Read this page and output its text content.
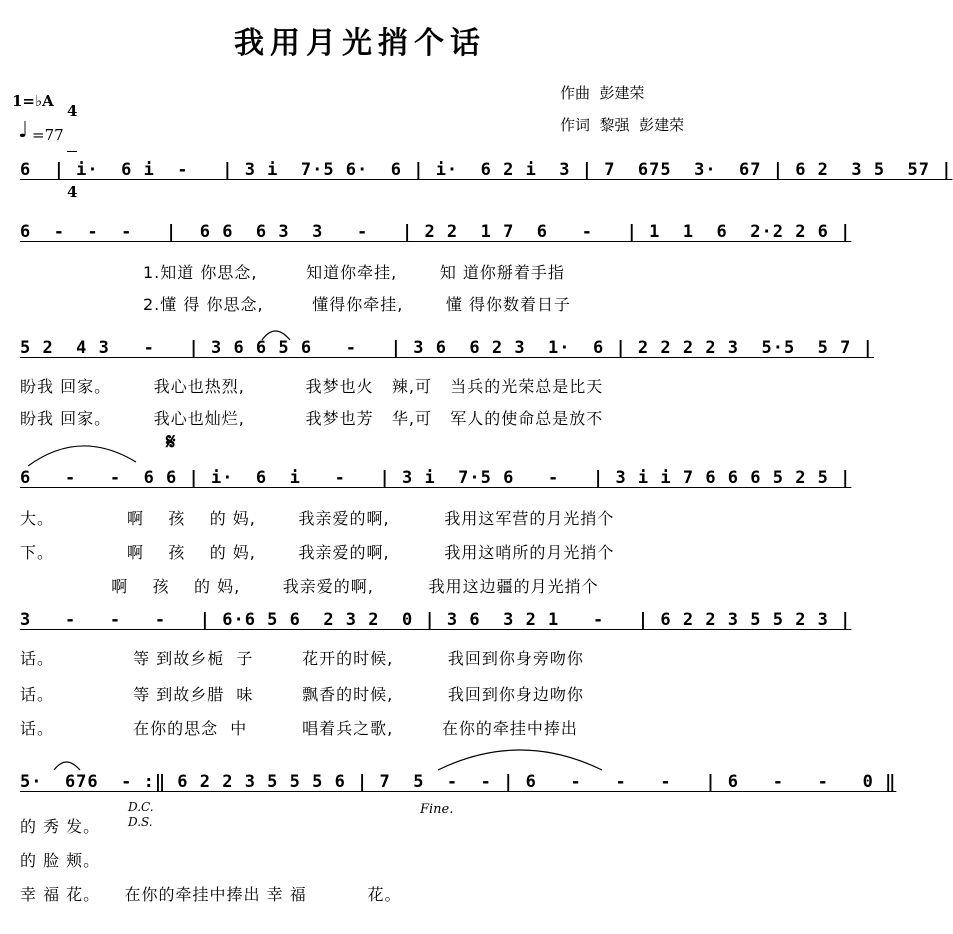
我用月光捎个话
1=♭A

4

4

♩ =77
作曲  彭建荣
作词  黎强  彭建荣
6  | i·  6 i  -   | 3 i  7·5 6·  6 | i·  6 2 i  3 | 7  675  3·  67 | 6 2  3 5  57 |
6  -  -  -   |  6 6  6 3  3   -   | 2 2  1 7  6   -   | 1  1  6  2·2 2 6 |
1.知道 你思念,        知道你牵挂,       知 道你掰着手指
2.懂 得 你思念,        懂得你牵挂,       懂 得你数着日子
5 2  4 3   -   | 3 6 6 5 6   -   | 3 6  6 2 3  1·  6 | 2 2 2 2 3  5·5  5 7 |
盼我 回家。       我心也热烈,          我梦也火   辣,可   当兵的光荣总是比天
盼我 回家。       我心也灿烂,          我梦也芳   华,可   军人的使命总是放不
𝄋
6   -   -  6 6 | i·  6  i   -   | 3 i  7·5 6   -   | 3 i i 7 6 6 6 5 2 5 |
大。            啊    孩    的 妈,       我亲爱的啊,         我用这军营的月光捎个
下。            啊    孩    的 妈,       我亲爱的啊,         我用这哨所的月光捎个
啊    孩    的 妈,       我亲爱的啊,         我用这边疆的月光捎个
3   -   -   -   | 6·6 5 6  2 3 2  0 | 3 6  3 2 1   -   | 6 2 2 3 5 5 2 3 |
话。             等 到故乡栀  子        花开的时候,         我回到你身旁吻你
话。             等 到故乡腊  味        飘香的时候,         我回到你身边吻你
话。             在你的思念  中         唱着兵之歌,        在你的牵挂中捧出
5·  676  - :‖ 6 2 2 3 5 5 5 6 | 7  5  -  - | 6   -   -   -   | 6   -   -   0 ‖
D.C.
D.S.
Fine.
的 秀 发。
的 脸 颊。
幸 福 花。    在你的牵挂中捧出 幸 福          花。
